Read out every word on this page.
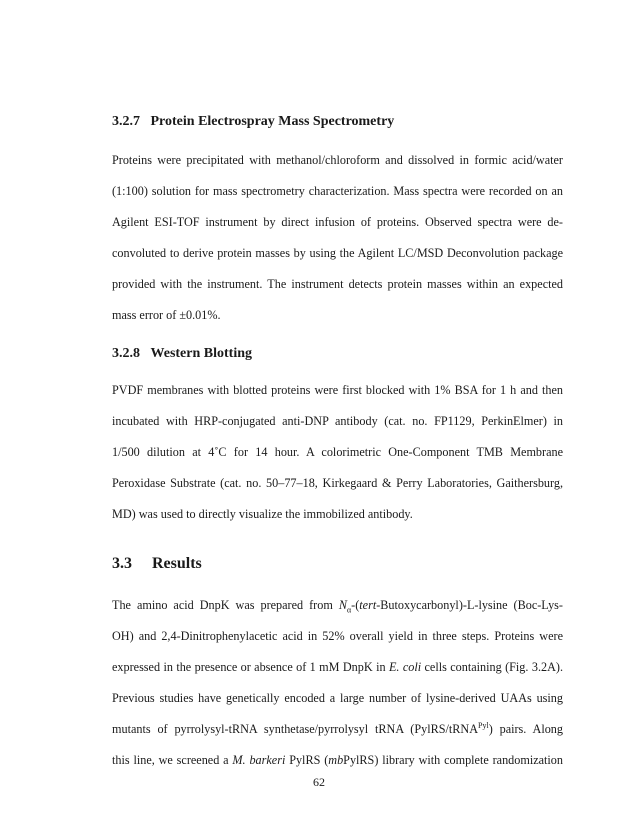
3.2.7 Protein Electrospray Mass Spectrometry
Proteins were precipitated with methanol/chloroform and dissolved in formic acid/water
(1:100) solution for mass spectrometry characterization. Mass spectra were recorded on an
Agilent ESI-TOF instrument by direct infusion of proteins. Observed spectra were de-
convoluted to derive protein masses by using the Agilent LC/MSD Deconvolution package
provided with the instrument. The instrument detects protein masses within an expected
mass error of ±0.01%.
3.2.8 Western Blotting
PVDF membranes with blotted proteins were first blocked with 1% BSA for 1 h and then
incubated with HRP-conjugated anti-DNP antibody (cat. no. FP1129, PerkinElmer) in
1/500 dilution at 4˚C for 14 hour. A colorimetric One-Component TMB Membrane
Peroxidase Substrate (cat. no. 50–77–18, Kirkegaard & Perry Laboratories, Gaithersburg,
MD) was used to directly visualize the immobilized antibody.
3.3 Results
The amino acid DnpK was prepared from $N_\alpha-(tert-Butoxycarbonyl)-L$-lysine (Boc-Lys-
OH) and 2,4-Dinitrophenylacetic acid in 52% overall yield in three steps. Proteins were
expressed in the presence or absence of 1 mM DnpK in E. coli cells containing (Fig. 3.2A).
Previous studies have genetically encoded a large number of lysine-derived UAAs using
mutants of pyrrolysyl-tRNA synthetase/pyrrolysyl tRNA (PylRS/tRNA$^{Pyl}$) pairs. Along
this line, we screened a M. barkeri PylRS (mbPylRS) library with complete randomization
62
